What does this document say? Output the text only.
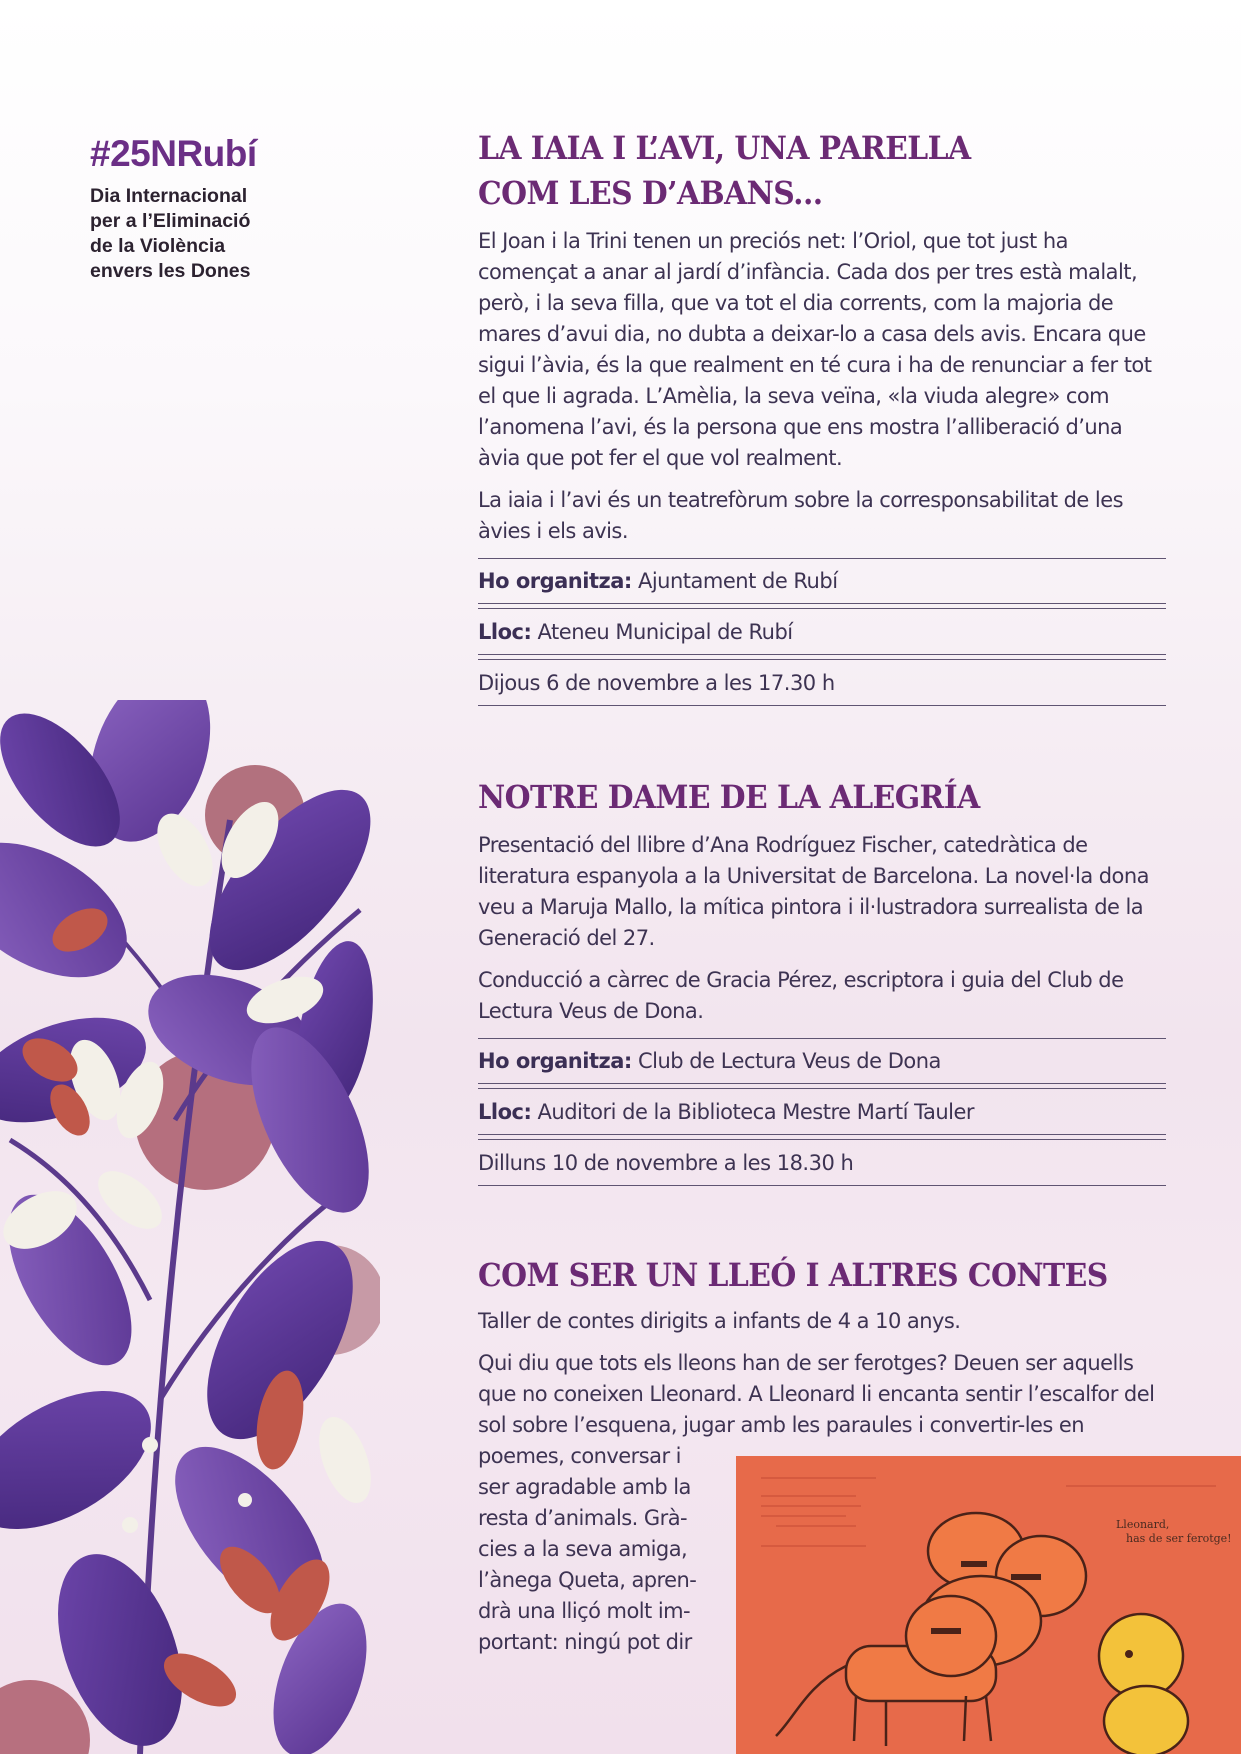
#25NRubí
Dia Internacional
per a l’Eliminació
de la Violència
envers les Dones
LA IAIA I L’AVI, UNA PARELLA
COM LES D’ABANS...

El Joan i la Trini tenen un preciós net: l’Oriol, que tot just ha començat a anar al jardí d’infància. Cada dos per tres està malalt, però, i la seva filla, que va tot el dia corrents, com la majoria de mares d’avui dia, no dubta a deixar-lo a casa dels avis. Encara que sigui l’àvia, és la que realment en té cura i ha de renunciar a fer tot el que li agrada. L’Amèlia, la seva veïna, «la viuda alegre» com l’anomena l’avi, és la persona que ens mostra l’alliberació d’una àvia que pot fer el que vol realment.

La iaia i l’avi és un teatrefòrum sobre la corresponsabilitat de les àvies i els avis.

Ho organitza: Ajuntament de Rubí
Lloc: Ateneu Municipal de Rubí
Dijous 6 de novembre a les 17.30 h
NOTRE DAME DE LA ALEGRÍA

Presentació del llibre d’Ana Rodríguez Fischer, catedràtica de literatura espanyola a la Universitat de Barcelona. La novel·la dona veu a Maruja Mallo, la mítica pintora i il·lustradora surrealista de la Generació del 27.

Conducció a càrrec de Gracia Pérez, escriptora i guia del Club de Lectura Veus de Dona.

Ho organitza: Club de Lectura Veus de Dona
Lloc: Auditori de la Biblioteca Mestre Martí Tauler
Dilluns 10 de novembre a les 18.30 h
COM SER UN LLEÓ I ALTRES CONTES

Taller de contes dirigits a infants de 4 a 10 anys.

Qui diu que tots els lleons han de ser ferotges? Deuen ser aquells que no coneixen Lleonard. A Lleonard li encanta sentir l’escalfor del sol sobre l’esquena, jugar amb les paraules i convertir-les en

poemes, conversar i
ser agradable amb la
resta d’animals. Grà-
cies a la seva amiga,
l’ànega Queta, apren-
drà una lliçó molt im-
portant: ningú pot dir
Lleonard,
has de ser ferotge!
